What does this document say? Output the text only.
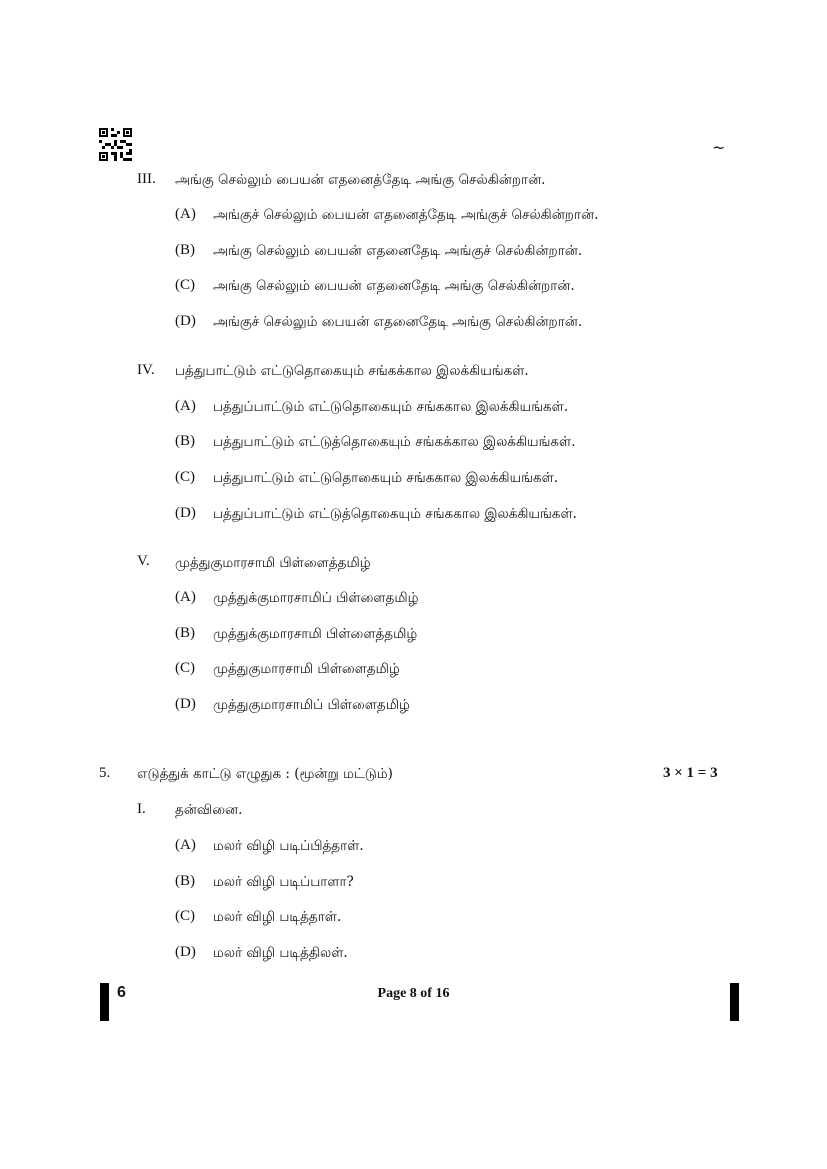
~
III. அங்கு செல்லும் பையன் எதனைத்தேடி அங்கு செல்கின்றான்.
(A) அங்குச் செல்லும் பையன் எதனைத்தேடி அங்குச் செல்கின்றான்.
(B) அங்கு செல்லும் பையன் எதனைதேடி அங்குச் செல்கின்றான்.
(C) அங்கு செல்லும் பையன் எதனைதேடி அங்கு செல்கின்றான்.
(D) அங்குச் செல்லும் பையன் எதனைதேடி அங்கு செல்கின்றான்.
IV. பத்துபாட்டும் எட்டுதொகையும் சங்கக்கால இலக்கியங்கள்.
(A) பத்துப்பாட்டும் எட்டுதொகையும் சங்ககால இலக்கியங்கள்.
(B) பத்துபாட்டும் எட்டுத்தொகையும் சங்கக்கால இலக்கியங்கள்.
(C) பத்துபாட்டும் எட்டுதொகையும் சங்ககால இலக்கியங்கள்.
(D) பத்துப்பாட்டும் எட்டுத்தொகையும் சங்ககால இலக்கியங்கள்.
V. முத்துகுமாரசாமி பிள்ளைத்தமிழ்
(A) முத்துக்குமாரசாமிப் பிள்ளைதமிழ்
(B) முத்துக்குமாரசாமி பிள்ளைத்தமிழ்
(C) முத்துகுமாரசாமி பிள்ளைதமிழ்
(D) முத்துகுமாரசாமிப் பிள்ளைதமிழ்
5. எடுத்துக் காட்டு எழுதுக : (மூன்று மட்டும்)	3 × 1 = 3
I. தன்வினை.
(A) மலர் விழி படிப்பித்தாள்.
(B) மலர் விழி படிப்பாளா?
(C) மலர் விழி படித்தாள்.
(D) மலர் விழி படித்திலள்.
6	Page 8 of 16
